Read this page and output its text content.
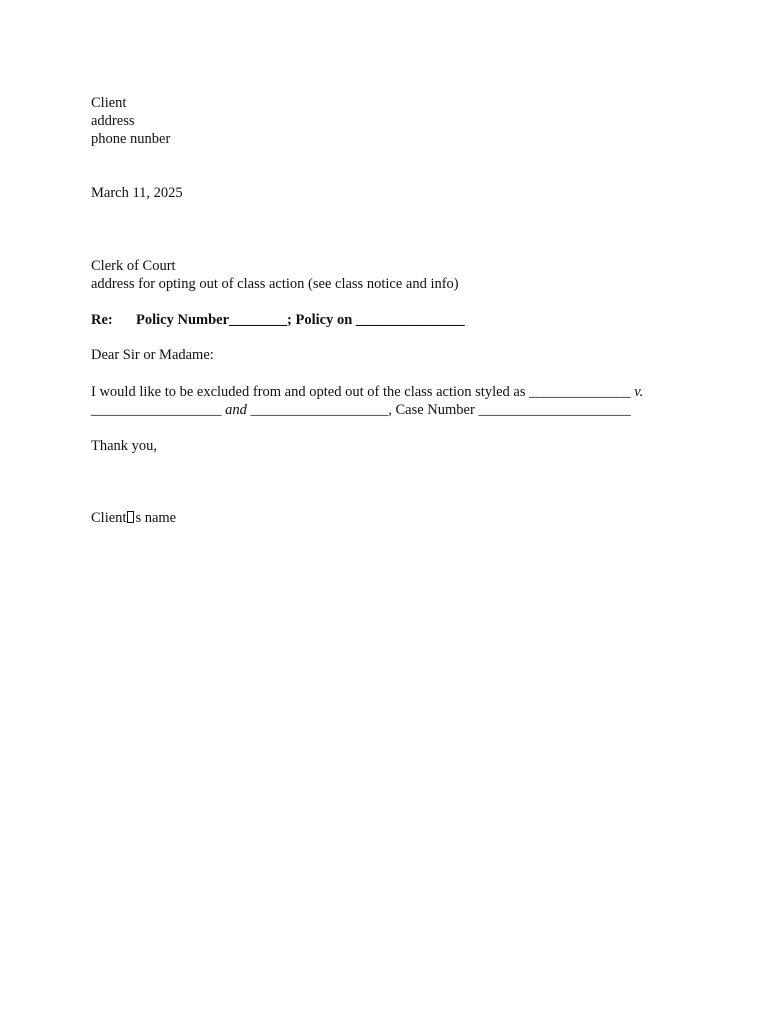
Client
address
phone nunber
March 11, 2025
Clerk of Court
address for opting out of class action (see class notice and info)
Re: Policy Number________; Policy on _______________
Dear Sir or Madame:
I would like to be excluded from and opted out of the class action styled as ______________ v.
__________________ and ___________________, Case Number _____________________
Thank you,
Client s name
